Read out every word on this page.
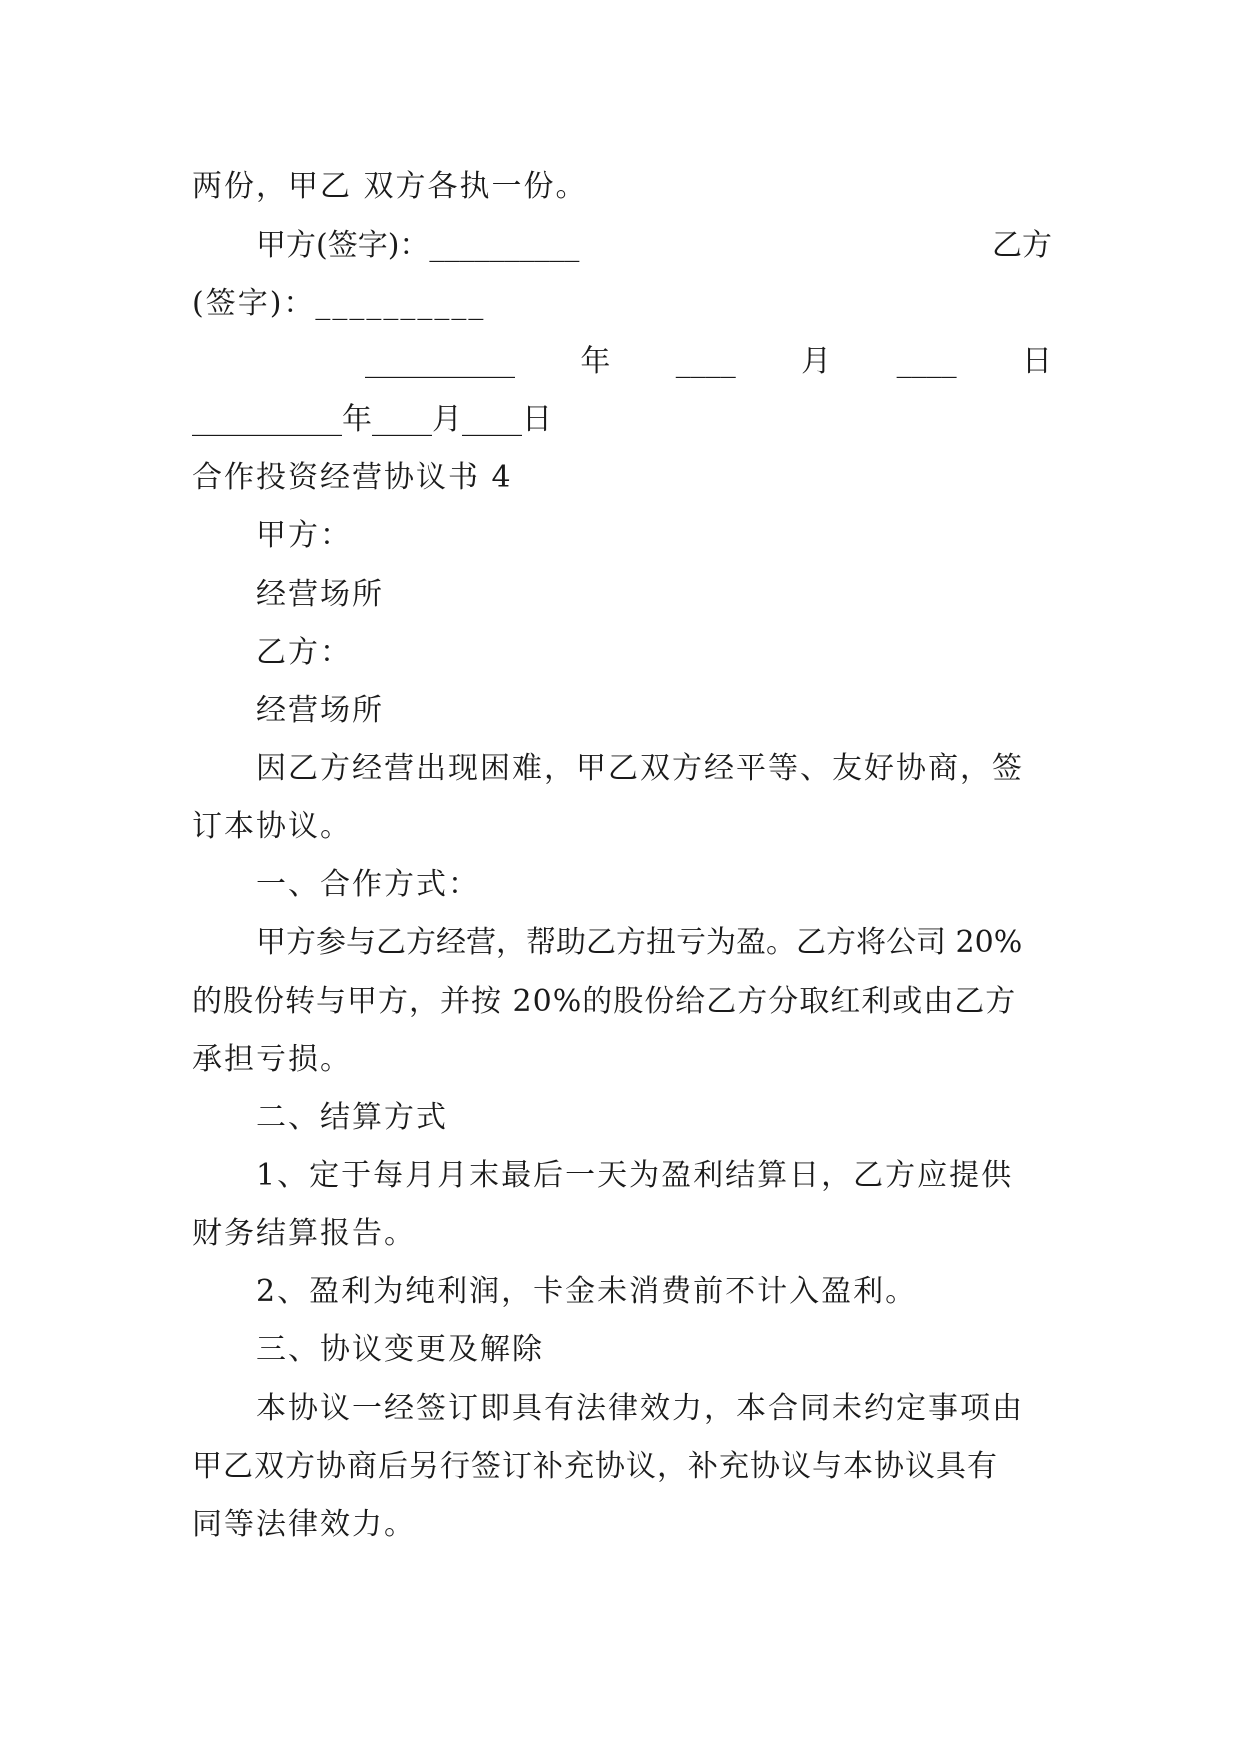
两份，甲乙 双方各执一份。
甲方(签字)：__________	乙方
(签字)：__________
__________ 年 ____ 月 ____ 日
__________年____月____日
合作投资经营协议书 4
甲方：
经营场所
乙方：
经营场所
因乙方经营出现困难，甲乙双方经平等、友好协商，签
订本协议。
一、合作方式：
甲方参与乙方经营，帮助乙方扭亏为盈。乙方将公司 20%
的股份转与甲方，并按 20%的股份给乙方分取红利或由乙方
承担亏损。
二、结算方式
1、定于每月月末最后一天为盈利结算日，乙方应提供
财务结算报告。
2、盈利为纯利润，卡金未消费前不计入盈利。
三、协议变更及解除
本协议一经签订即具有法律效力，本合同未约定事项由
甲乙双方协商后另行签订补充协议，补充协议与本协议具有
同等法律效力。
